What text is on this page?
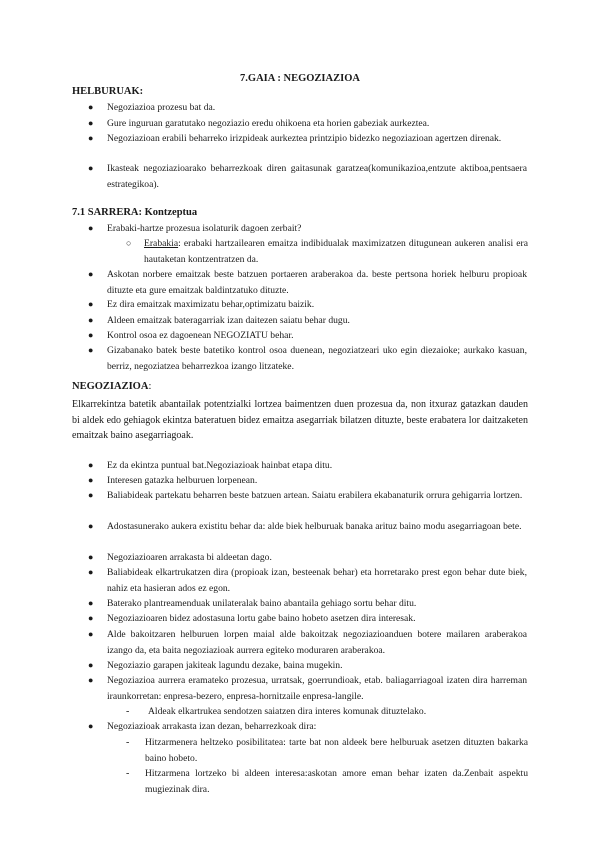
7.GAIA : NEGOZIAZIOA
HELBURUAK:
● Negoziazioa prozesu bat da.
● Gure inguruan garatutako negoziazio eredu ohikoena eta horien gabeziak aurkeztea.
● Negoziazioan erabili beharreko irizpideak aurkeztea printzipio bidezko negoziazioan agertzen direnak.
● Ikasteak negoziazioarako beharrezkoak diren gaitasunak garatzea(komunikazioa,entzute aktiboa,pentsaera estrategikoa).
7.1 SARRERA: Kontzeptua
● Erabaki-hartze prozesua isolaturik dagoen zerbait?
○ Erabakia: erabaki hartzailearen emaitza indibidualak maximizatzen dituguneаn aukeren analisi era hautaketan kontzentratzen da.
● Askotan norbere emaitzak beste batzuen portaeren araberakoa da. beste pertsona horiek helburu propioak dituzte eta gure emaitzak baldintzatuko dituzte.
● Ez dira emaitzak maximizatu behar,optimizatu baizik.
● Aldeen emaitzak bateragarriak izan daitezen saiatu behar dugu.
● Kontrol osoa ez dagoenean NEGOZIATU behar.
● Gizabanako batek beste batetiko kontrol osoa duenean, negoziatzeari uko egin diezaioke; aurkako kasuan, berriz, negoziatzea beharrezkoa izango litzateke.
NEGOZIAZIOA:
Elkarrekintza batetik abantailak potentzialki lortzea baimentzen duen prozesua da, non itxuraz gatazkan dauden bi aldek edo gehiagok ekintza bateratuen bidez emaitza asegarriak bilatzen dituzte, beste erabatera lor daitzaketen emaitzak baino asegarriagoak.
● Ez da ekintza puntual bat.Negoziazioak hainbat etapa ditu.
● Interesen gatazka helburuen lorpenean.
● Baliabideak partekatu beharren beste batzuen artean. Saiatu erabilera ekabanaturik orrura gehigarria lortzen.
● Adostasunerako aukera existitu behar da: alde biek helburuak banaka arituz baino modu asegarriagoan bete.
● Negoziazioaren arrakasta bi aldeetan dago.
● Baliabideak elkartrukatzen dira (propioak izan, besteenak behar) eta horretarako prest egon behar dute biek, nahiz eta hasieran ados ez egon.
● Baterako plantreamenduak unilateralak baino abantaila gehiago sortu behar ditu.
● Negoziazioaren bidez adostasuna lortu gabe baino hobeto asetzen dira interesak.
● Alde bakoitzaren helburuen lorpen maial alde bakoitzak negoziazioanduen botere mailaren araberakoa izango da, eta baita negoziazioak aurrera egiteko moduraren araberakoa.
● Negoziazio garapen jakiteak lagundu dezake, baina mugekin.
● Negoziazioa aurrera eramateko prozesua, urratsak, goerrundioak, etab. baliagarriagoal izaten dira harreman iraunkorretan: enpresa-bezero, enpresa-hornitzaile enpresa-langile.
- Aldeak elkartrukea sendotzen saiatzen dira interes komunak dituztelako.
● Negoziazioak arrakasta izan dezan, beharrezkoak dira:
- Hitzarmenera heltzeko posibilitatea: tarte bat non aldeek bere helburuak asetzen dituzten bakarka baino hobeto.
- Hitzarmena lortzeko bi aldeen interesa:askotan amore eman behar izaten da.Zenbait aspektu mugiezinak dira.
